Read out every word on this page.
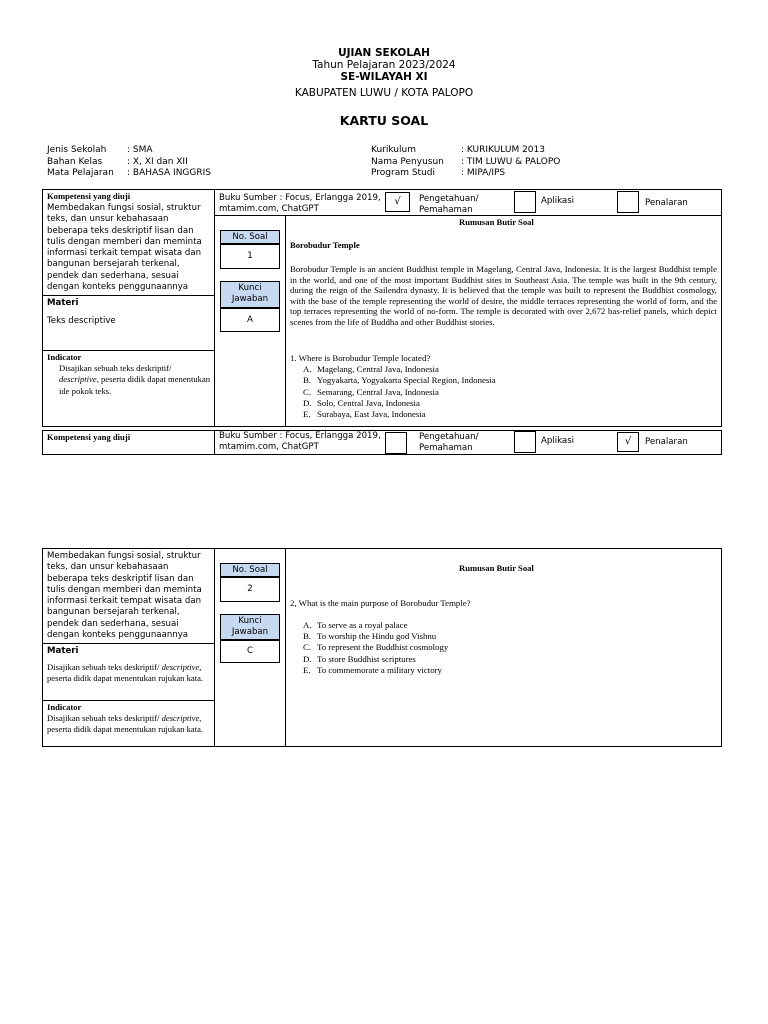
UJIAN SEKOLAH
Tahun Pelajaran 2023/2024
SE-WILAYAH XI
KABUPATEN LUWU / KOTA PALOPO
KARTU SOAL
Jenis Sekolah	: SMA
Bahan Kelas	: X, XI dan XII
Mata Pelajaran	: BAHASA INGGRIS
Kurikulum	: KURIKULUM 2013
Nama Penyusun	: TIM LUWU & PALOPO
Program Studi	: MIPA/IPS
Kompetensi yang diuji
Membedakan fungsi sosial, struktur teks, dan unsur kebahasaan beberapa teks deskriptif lisan dan tulis dengan memberi dan meminta informasi terkait tempat wisata dan bangunan bersejarah terkenal, pendek dan sederhana, sesuai dengan konteks penggunaannya
Materi
Teks descriptive
Indicator
Disajikan sebuah teks deskriptif/ descriptive, peserta didik dapat menentukan ide pokok teks.
Buku Sumber : Focus, Erlangga 2019, mtamim.com, ChatGPT
√	Pengetahuan/ Pemahaman
Aplikasi	Penalaran
No. Soal
1
Kunci Jawaban
A
Rumusan Butir Soal
Borobudur Temple
Borobudur Temple is an ancient Buddhist temple in Magelang, Central Java, Indonesia. It is the largest Buddhist temple in the world, and one of the most important Buddhist sites in Southeast Asia. The temple was built in the 9th century, during the reign of the Sailendra dynasty. It is believed that the temple was built to represent the Buddhist cosmology, with the base of the temple representing the world of desire, the middle terraces representing the world of form, and the top terraces representing the world of no-form. The temple is decorated with over 2,672 bas-relief panels, which depict scenes from the life of Buddha and other Buddhist stories.
1. Where is Borobudur Temple located?
A. Magelang, Central Java, Indonesia
B. Yogyakarta, Yogyakarta Special Region, Indonesia
C. Semarang, Central Java, Indonesia
D. Solo, Central Java, Indonesia
E. Surabaya, East Java, Indonesia
Kompetensi yang diuji	Buku Sumber : Focus, Erlangga 2019, mtamim.com, ChatGPT
Pengetahuan/ Pemahaman
Aplikasi	√	Penalaran
Membedakan fungsi sosial, struktur teks, dan unsur kebahasaan beberapa teks deskriptif lisan dan tulis dengan memberi dan meminta informasi terkait tempat wisata dan bangunan bersejarah terkenal, pendek dan sederhana, sesuai dengan konteks penggunaannya
Materi
Disajikan sebuah teks deskriptif/ descriptive, peserta didik dapat menentukan rujukan kata.
Indicator
Disajikan sebuah teks deskriptif/ descriptive, peserta didik dapat menentukan rujukan kata.
No. Soal
2
Kunci Jawaban
C
Rumusan Butir Soal
2, What is the main purpose of Borobudur Temple?
A. To serve as a royal palace
B. To worship the Hindu god Vishnu
C. To represent the Buddhist cosmology
D. To store Buddhist scriptures
E. To commemorate a military victory
